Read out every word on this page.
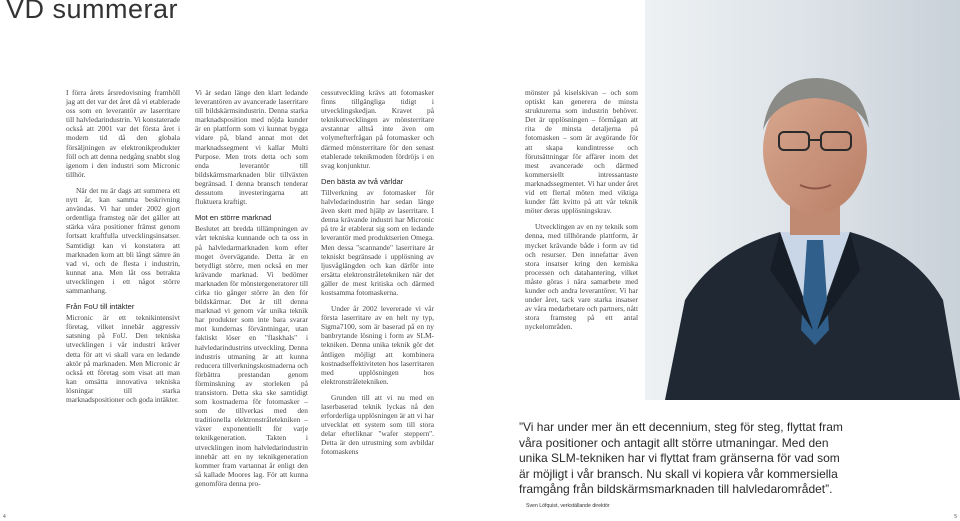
VD summerar

I förra årets årsredovisning framhöll jag att det var det året då vi etablerade oss som en leverantör av laserritare till halvledarindustrin. Vi konstaterade också att 2001 var det första året i modern tid då den globala försäljningen av elektronikprodukter föll och att denna nedgång snabbt slog igenom i den industri som Micronic tillhör.

När det nu är dags att summera ett nytt år, kan samma beskrivning användas. Vi har under 2002 gjort ordentliga framsteg när det gäller att stärka våra positioner främst genom fortsatt kraftfulla utvecklingsinsatser. Samtidigt kan vi konstatera att marknaden kom att bli långt sämre än vad vi, och de flesta i industrin, kunnat ana. Men låt oss betrakta utvecklingen i ett något större sammanhang.

Från FoU till intäkter

Micronic är ett teknikintensivt företag, vilket innebär aggressiv satsning på FoU. Den tekniska utvecklingen i vår industri kräver detta för att vi skall vara en ledande aktör på marknaden. Men Micronic är också ett företag som visat att man kan omsätta innovativa tekniska lösningar till starka marknadspositioner och goda intäkter.

Vi är sedan länge den klart ledande leverantören av avancerade laserritare till bildskärmsindustrin. Denna starka marknadsposition med nöjda kunder är en plattform som vi kunnat bygga vidare på, bland annat mot det marknadssegment vi kallar Multi Purpose. Men trots detta och som enda leverantör till bildskärmsmarknaden blir tillväxten begränsad. I denna bransch tenderar dessutom investeringarna att fluktuera kraftigt.

Mot en större marknad

Beslutet att bredda tillämpningen av vårt tekniska kunnande och ta oss in på halvledarmarknaden kom efter moget övervägande. Detta är en betydligt större, men också en mer krävande marknad. Vi bedömer marknaden för mönstergeneratorer till cirka tio gånger större än den för bildskärmar. Det är till denna marknad vi genom vår unika teknik har produkter som inte bara svarar mot kundernas förväntningar, utan faktiskt löser en "flaskhals" i halvledarindustrins utveckling. Denna industris utmaning är att kunna reducera tillverkningskostnaderna och förbättra prestandan genom förminskning av storleken på transistorn. Detta ska ske samtidigt som kostnaderna för fotomasker – som de tillverkas med den traditionella elektronstråletekniken – växer exponentiellt för varje teknikgeneration. Takten i utvecklingen inom halvledarindustrin innebär att en ny teknikgeneration kommer fram vartannat år enligt den så kallade Moores lag. För att kunna genomföra denna pro-

cessutveckling krävs att fotomasker finns tillgängliga tidigt i utvecklingskedjan. Kravet på teknikutvecklingen av mönsterritare avstannar alltså inte även om volymefterfrågan på fotomasker och därmed mönsterritare för den senast etablerade teknikmoden fördröjs i en svag konjunktur.

Den bästa av två världar

Tillverkning av fotomasker för halvledarindustrin har sedan länge även skett med hjälp av laserritare. I denna krävande industri har Micronic på tre år etablerat sig som en ledande leverantör med produktserien Omega. Men dessa "scannande" laserritare är tekniskt begränsade i upplösning av ljusvåglängden och kan därför inte ersätta elektronstråletekniken när det gäller de mest kritiska och därmed kostsamma fotomaskerna.

Under år 2002 levererade vi vår första laserritare av en helt ny typ, Sigma7100, som är baserad på en ny banbrytande lösning i form av SLM-tekniken. Denna unika teknik gör det åntligen möjligt att kombinera kostnadseffektiviteten hos laserritaren med upplösningen hos elektronstråletekniken.

Grunden till att vi nu med en laserbaserad teknik lyckas nå den erforderliga upplösningen är att vi har utvecklat ett system som till stora delar efterliknar "wafer steppern". Detta är den utrustning som avbildar fotomaskens

mönster på kiselskivan – och som optiskt kan generera de minsta strukturerna som industrin behöver. Det är upplösningen – förmågan att rita de minsta detaljerna på fotomasken – som är avgörande för att skapa kundintresse och förutsättningar för affärer inom det mest avancerade och därmed kommersiellt intressantaste marknadssegmentet. Vi har under året vid ett flertal möten med viktiga kunder fått kvitto på att vår teknik möter deras upplösningskrav.

Utvecklingen av en ny teknik som denna, med tillhörande plattform, är mycket krävande både i form av tid och resurser. Den innefattar även stora insatser kring den kemiska processen och datahantering, vilket måste göras i nära samarbete med kunder och andra leverantörer. Vi har under året, tack vare starka insatser av våra medarbetare och partners, nått stora framsteg på ett antal nyckelområden.

”Vi har under mer än ett decennium, steg för steg, flyttat fram våra positioner och antagit allt större utmaningar. Med den unika SLM-tekniken har vi flyttat fram gränserna för vad som är möjligt i vår bransch. Nu skall vi kopiera vår kommersiella framgång från bildskärmsmarknaden till halvledarområdet”.
Sven Löfquist, verkställande direktör
4	5
